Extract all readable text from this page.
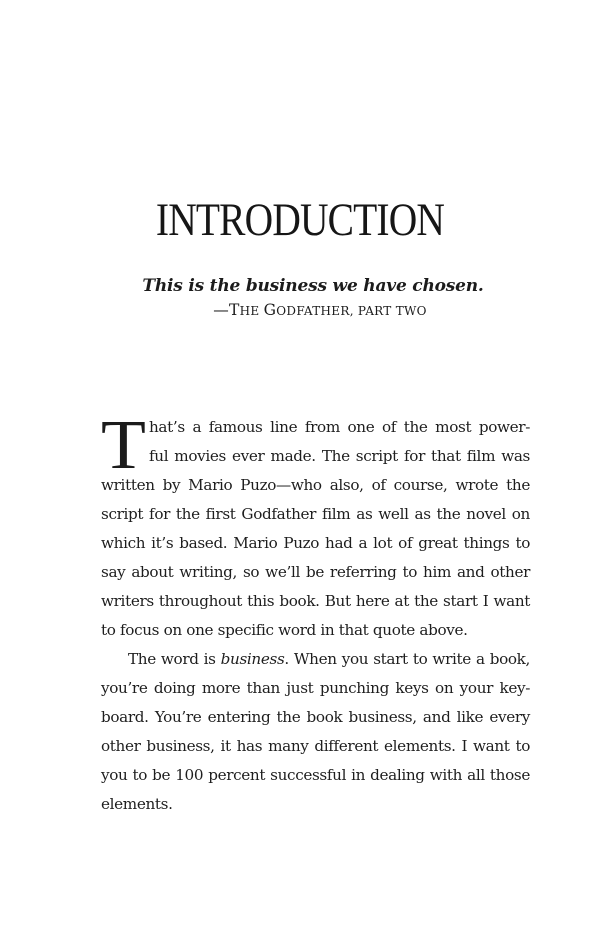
INTRODUCTION
This is the business we have chosen.
—THE GODFATHER, PART TWO
T hat’s a famous line from one of the most power-
ful movies ever made. The script for that film was
written by Mario Puzo—who also, of course, wrote the
script for the first Godfather film as well as the novel on
which it’s based. Mario Puzo had a lot of great things to
say about writing, so we’ll be referring to him and other
writers throughout this book. But here at the start I want
to focus on one specific word in that quote above.
The word is business. When you start to write a book,
you’re doing more than just punching keys on your key-
board. You’re entering the book business, and like every
other business, it has many different elements. I want to
you to be 100 percent successful in dealing with all those
elements.
